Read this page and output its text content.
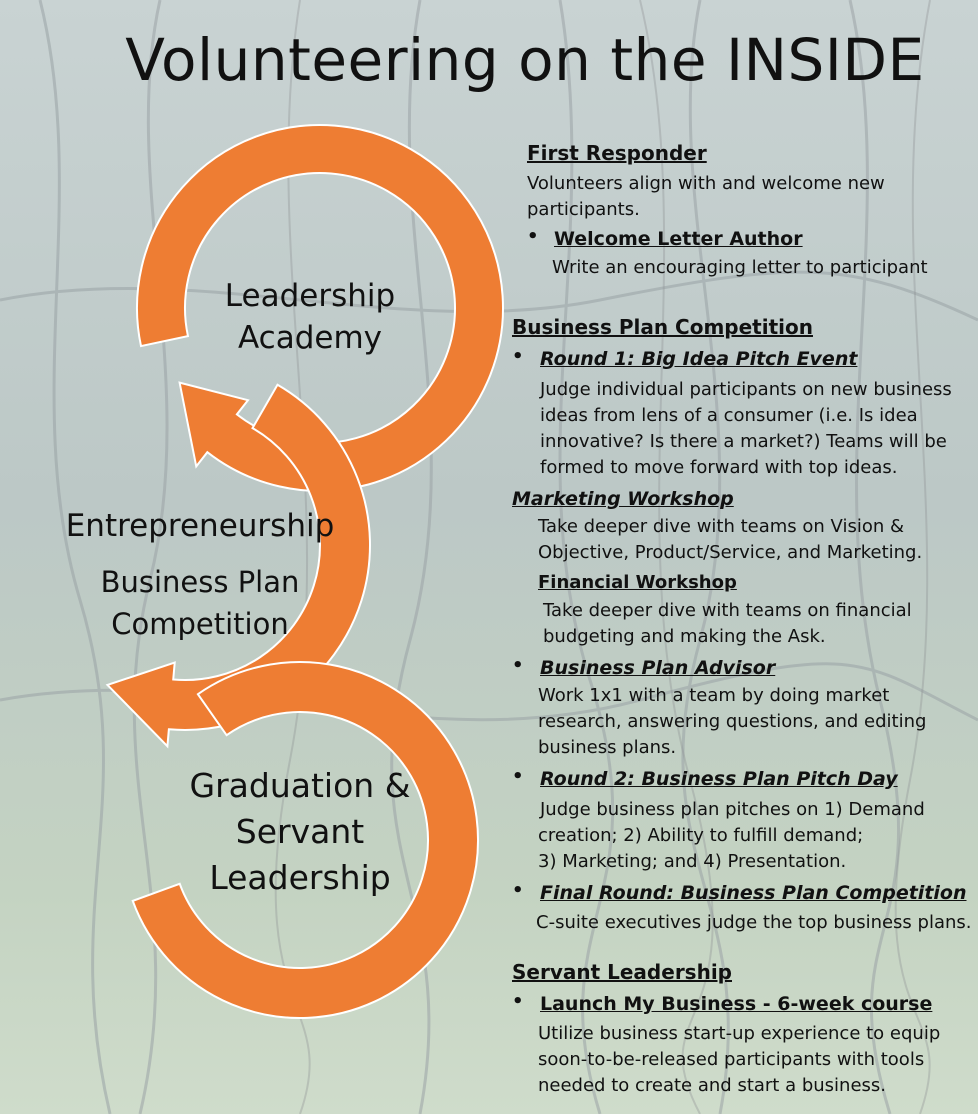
Volunteering on the INSIDE
Leadership
Academy
Entrepreneurship
Business Plan
Competition
Graduation &
Servant
Leadership
First Responder
Volunteers align with and welcome new
participants.
• Welcome Letter Author
Write an encouraging letter to participant
Business Plan Competition
• Round 1: Big Idea Pitch Event
Judge individual participants on new business
ideas from lens of a consumer (i.e. Is idea
innovative? Is there a market?) Teams will be
formed to move forward with top ideas.
Marketing Workshop
Take deeper dive with teams on Vision &
Objective, Product/Service, and Marketing.
Financial Workshop
Take deeper dive with teams on financial
budgeting and making the Ask.
• Business Plan Advisor
Work 1x1 with a team by doing market
research, answering questions, and editing
business plans.
• Round 2: Business Plan Pitch Day
Judge business plan pitches on 1) Demand
creation; 2) Ability to fulfill demand;
3) Marketing; and 4) Presentation.
• Final Round: Business Plan Competition
C-suite executives judge the top business plans.
Servant Leadership
• Launch My Business - 6-week course
Utilize business start-up experience to equip
soon-to-be-released participants with tools
needed to create and start a business.
